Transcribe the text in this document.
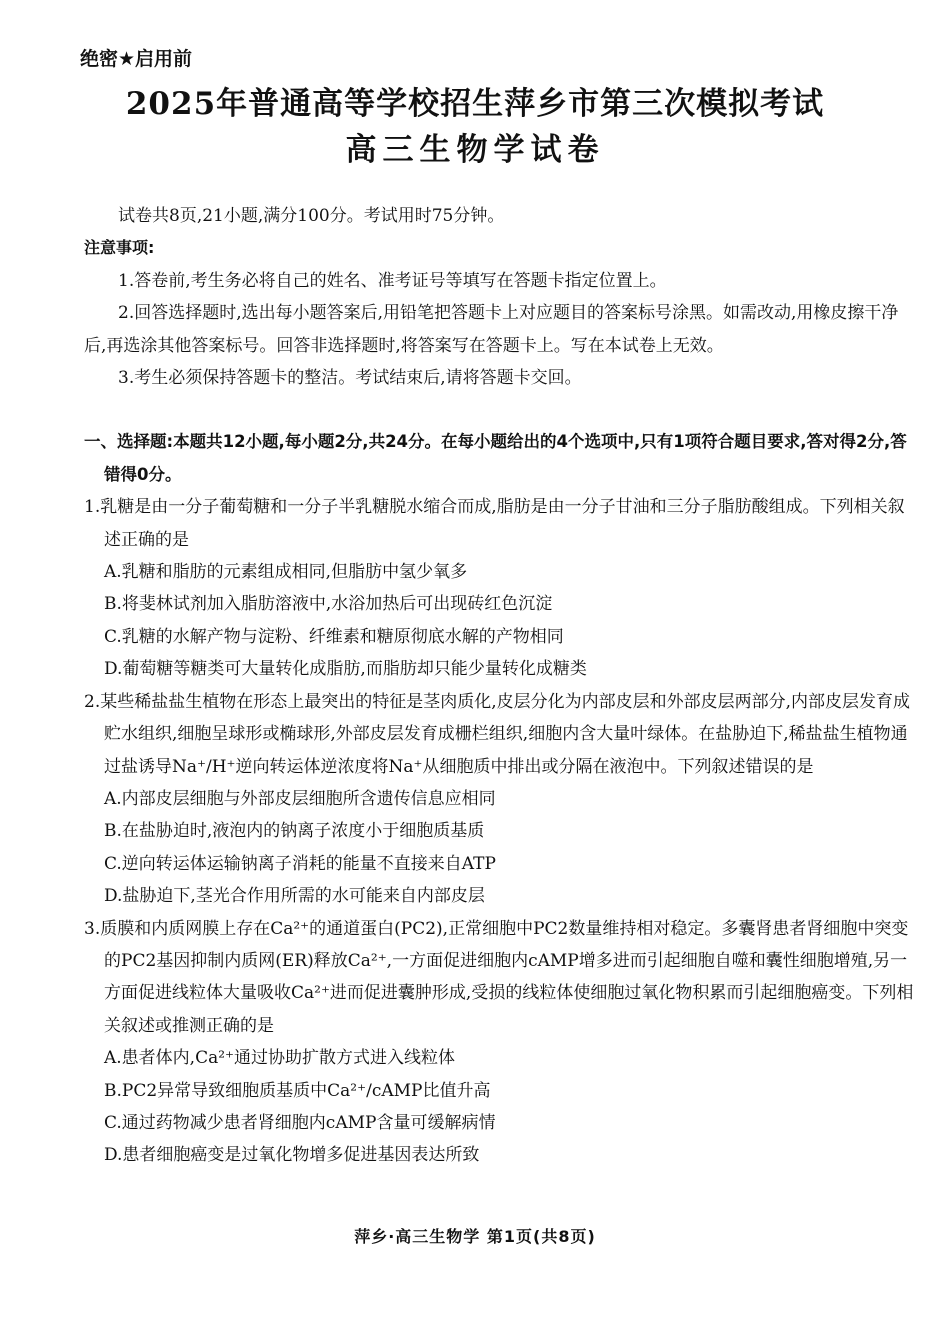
绝密★启用前
2025年普通高等学校招生萍乡市第三次模拟考试
高三生物学试卷

试卷共8页,21小题,满分100分。考试用时75分钟。

注意事项:

1.答卷前,考生务必将自己的姓名、准考证号等填写在答题卡指定位置上。

2.回答选择题时,选出每小题答案后,用铅笔把答题卡上对应题目的答案标号涂黑。如需改动,用橡皮擦干净后,再选涂其他答案标号。回答非选择题时,将答案写在答题卡上。写在本试卷上无效。

3.考生必须保持答题卡的整洁。考试结束后,请将答题卡交回。

一、选择题:本题共12小题,每小题2分,共24分。在每小题给出的4个选项中,只有1项符合题目要求,答对得2分,答错得0分。

1.乳糖是由一分子葡萄糖和一分子半乳糖脱水缩合而成,脂肪是由一分子甘油和三分子脂肪酸组成。下列相关叙述正确的是

A.乳糖和脂肪的元素组成相同,但脂肪中氢少氧多

B.将斐林试剂加入脂肪溶液中,水浴加热后可出现砖红色沉淀

C.乳糖的水解产物与淀粉、纤维素和糖原彻底水解的产物相同

D.葡萄糖等糖类可大量转化成脂肪,而脂肪却只能少量转化成糖类

2.某些稀盐盐生植物在形态上最突出的特征是茎肉质化,皮层分化为内部皮层和外部皮层两部分,内部皮层发育成贮水组织,细胞呈球形或椭球形,外部皮层发育成栅栏组织,细胞内含大量叶绿体。在盐胁迫下,稀盐盐生植物通过盐诱导Na⁺/H⁺逆向转运体逆浓度将Na⁺从细胞质中排出或分隔在液泡中。下列叙述错误的是

A.内部皮层细胞与外部皮层细胞所含遗传信息应相同

B.在盐胁迫时,液泡内的钠离子浓度小于细胞质基质

C.逆向转运体运输钠离子消耗的能量不直接来自ATP

D.盐胁迫下,茎光合作用所需的水可能来自内部皮层

3.质膜和内质网膜上存在Ca²⁺的通道蛋白(PC2),正常细胞中PC2数量维持相对稳定。多囊肾患者肾细胞中突变的PC2基因抑制内质网(ER)释放Ca²⁺,一方面促进细胞内cAMP增多进而引起细胞自噬和囊性细胞增殖,另一方面促进线粒体大量吸收Ca²⁺进而促进囊肿形成,受损的线粒体使细胞过氧化物积累而引起细胞癌变。下列相关叙述或推测正确的是

A.患者体内,Ca²⁺通过协助扩散方式进入线粒体

B.PC2异常导致细胞质基质中Ca²⁺/cAMP比值升高

C.通过药物减少患者肾细胞内cAMP含量可缓解病情

D.患者细胞癌变是过氧化物增多促进基因表达所致

萍乡·高三生物学 第1页(共8页)
